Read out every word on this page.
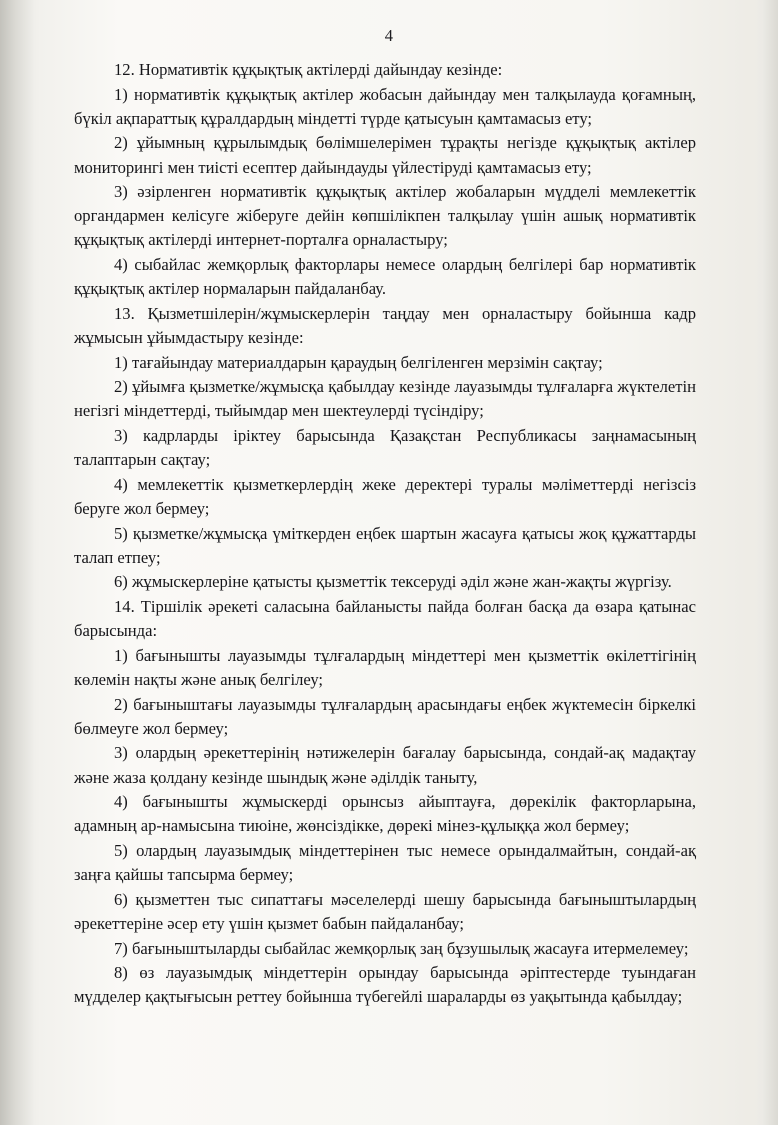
4

12. Нормативтік құқықтық актілерді дайындау кезінде:

1) нормативтік құқықтық актілер жобасын дайындау мен талқылауда қоғамның, бүкіл ақпараттық құралдардың міндетті түрде қатысуын қамтамасыз ету;

2) ұйымның құрылымдық бөлімшелерімен тұрақты негізде құқықтық актілер мониторингі мен тиісті есептер дайындауды үйлестіруді қамтамасыз ету;

3) әзірленген нормативтік құқықтық актілер жобаларын мүдделі мемлекеттік органдармен келісуге жіберуге дейін көпшілікпен талқылау үшін ашық нормативтік құқықтық актілерді интернет-порталға орналастыру;

4) сыбайлас жемқорлық факторлары немесе олардың белгілері бар нормативтік құқықтық актілер нормаларын пайдаланбау.

13. Қызметшілерін/жұмыскерлерін таңдау мен орналастыру бойынша кадр жұмысын ұйымдастыру кезінде:

1) тағайындау материалдарын қараудың белгіленген мерзімін сақтау;

2) ұйымға қызметке/жұмысқа қабылдау кезінде лауазымды тұлғаларға жүктелетін негізгі міндеттерді, тыйымдар мен шектеулерді түсіндіру;

3) кадрларды іріктеу барысында Қазақстан Республикасы заңнамасының талаптарын сақтау;

4) мемлекеттік қызметкерлердің жеке деректері туралы мәліметтерді негізсіз беруге жол бермеу;

5) қызметке/жұмысқа үміткерден еңбек шартын жасауға қатысы жоқ құжаттарды талап етпеу;

6) жұмыскерлеріне қатысты қызметтік тексеруді әділ және жан-жақты жүргізу.

14. Тіршілік әрекеті саласына байланысты пайда болған басқа да өзара қатынас барысында:

1) бағынышты лауазымды тұлғалардың міндеттері мен қызметтік өкілеттігінің көлемін нақты және анық белгілеу;

2) бағыныштағы лауазымды тұлғалардың арасындағы еңбек жүктемесін біркелкі бөлмеуге жол бермеу;

3) олардың әрекеттерінің нәтижелерін бағалау барысында, сондай-ақ мадақтау және жаза қолдану кезінде шындық және әділдік таныту,

4) бағынышты жұмыскерді орынсыз айыптауға, дөрекілік факторларына, адамның ар-намысына тиюіне, жөнсіздікке, дөрекі мінез-құлыққа жол бермеу;

5) олардың лауазымдық міндеттерінен тыс немесе орындалмайтын, сондай-ақ заңға қайшы тапсырма бермеу;

6) қызметтен тыс сипаттағы мәселелерді шешу барысында бағыныштылардың әрекеттеріне әсер ету үшін қызмет бабын пайдаланбау;

7) бағыныштыларды сыбайлас жемқорлық заң бұзушылық жасауға итермелемеу;

8) өз лауазымдық міндеттерін орындау барысында әріптестерде туындаған мүдделер қақтығысын реттеу бойынша түбегейлі шараларды өз уақытында қабылдау;
